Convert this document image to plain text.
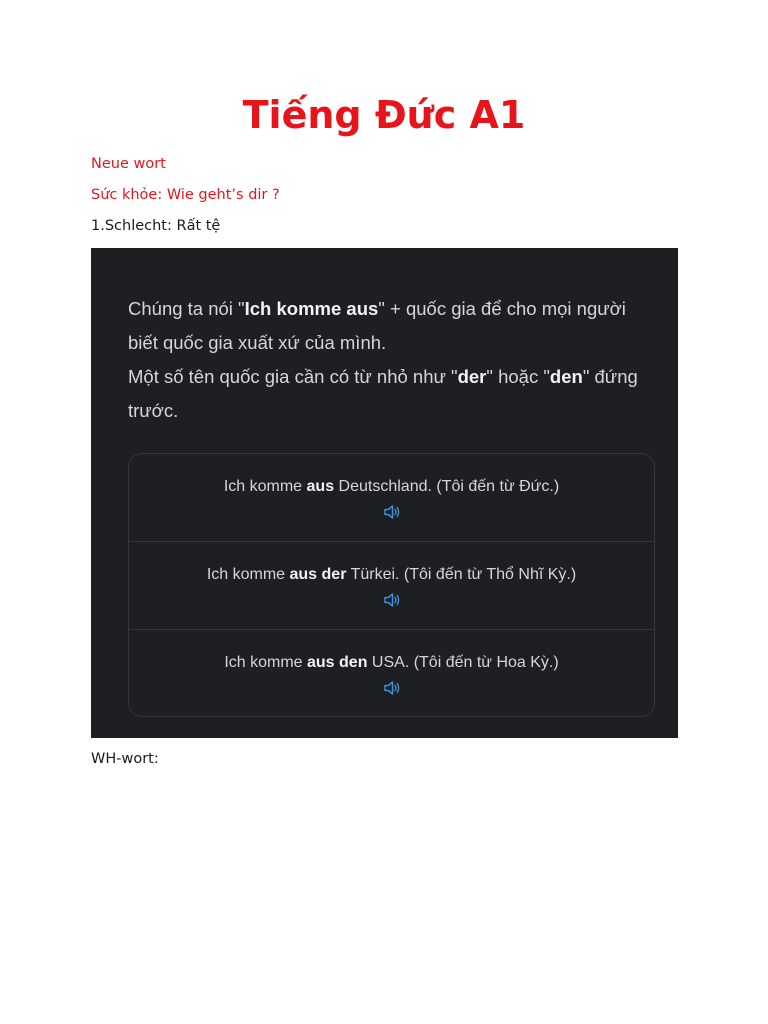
Tiếng Đức A1
Neue wort
Sức khỏe: Wie geht’s dir ?
1.Schlecht: Rất tệ
Chúng ta nói "Ich komme aus" + quốc gia để cho mọi người biết quốc gia xuất xứ của mình.
Một số tên quốc gia cần có từ nhỏ như "der" hoặc "den" đứng trước.
Ich komme aus Deutschland. (Tôi đến từ Đức.)
Ich komme aus der Türkei. (Tôi đến từ Thổ Nhĩ Kỳ.)
Ich komme aus den USA. (Tôi đến từ Hoa Kỳ.)
WH-wort:
